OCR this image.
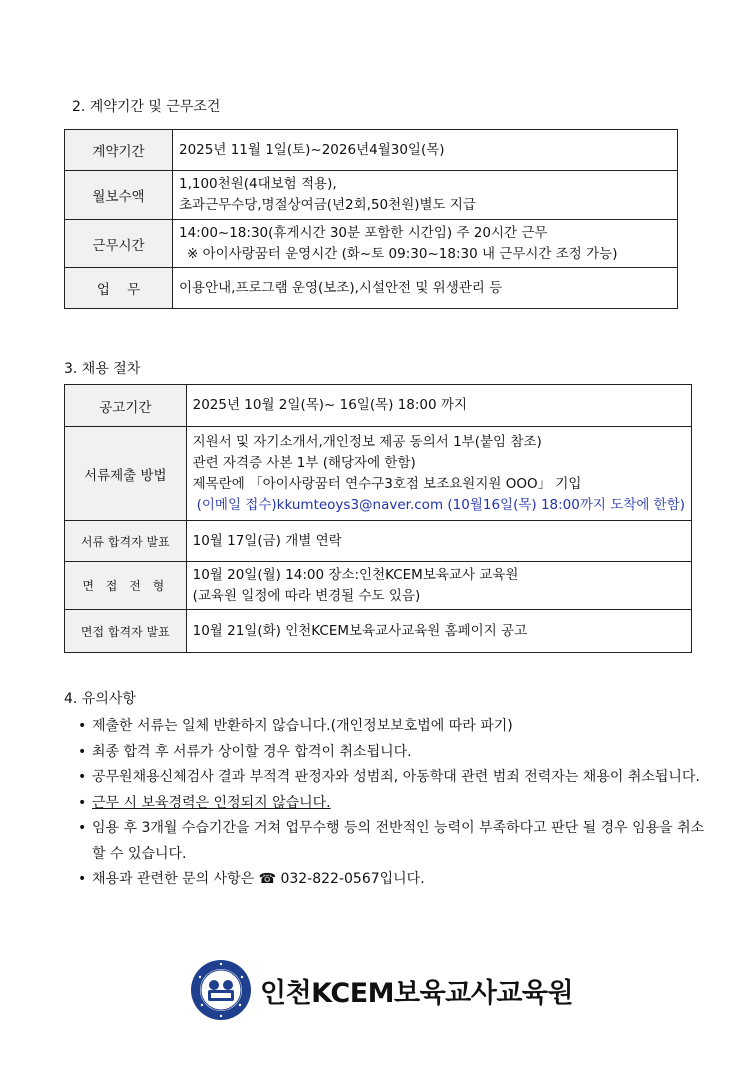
2. 계약기간 및 근무조건
계약기간	2025년 11월 1일(토)~2026년4월30일(목)

월보수액	1,100천원(4대보험 적용),
초과근무수당,명절상여금(년2회,50천원)별도 지급

근무시간	14:00~18:30(휴게시간 30분 포함한 시간임) 주 20시간 근무
※ 아이사랑꿈터 운영시간 (화~토 09:30~18:30 내 근무시간 조정 가능)

업    무	이용안내,프로그램 운영(보조),시설안전 및 위생관리 등
3. 채용 절차
공고기간	2025년 10월 2일(목)~ 16일(목) 18:00 까지

서류제출 방법	지원서 및 자기소개서,개인정보 제공 동의서 1부(붙임 참조)
관련 자격증 사본 1부 (해당자에 한함)
제목란에 「아이사랑꿈터 연수구3호점 보조요원지원 OOO」 기입
(이메일 접수)kkumteoys3@naver.com (10월16일(목) 18:00까지 도착에 한함)

서류 합격자 발표	10월 17일(금) 개별 연락

면 접 전 형	10월 20일(월) 14:00 장소:인천KCEM보육교사 교육원
(교육원 일정에 따라 변경될 수도 있음)

면접 합격자 발표	10월 21일(화) 인천KCEM보육교사교육원 홈페이지 공고
4. 유의사항
• 제출한 서류는 일체 반환하지 않습니다.(개인정보보호법에 따라 파기)
• 최종 합격 후 서류가 상이할 경우 합격이 취소됩니다.
• 공무원채용신체검사 결과 부적격 판정자와 성범죄, 아동학대 관련 범죄 전력자는 채용이 취소됩니다.
• 근무 시 보육경력은 인정되지 않습니다.
• 임용 후 3개월 수습기간을 거쳐 업무수행 등의 전반적인 능력이 부족하다고 판단 될 경우 임용을 취소할 수 있습니다.
• 채용과 관련한 문의 사항은 ☎ 032-822-0567입니다.
인천KCEM보육교사교육원
